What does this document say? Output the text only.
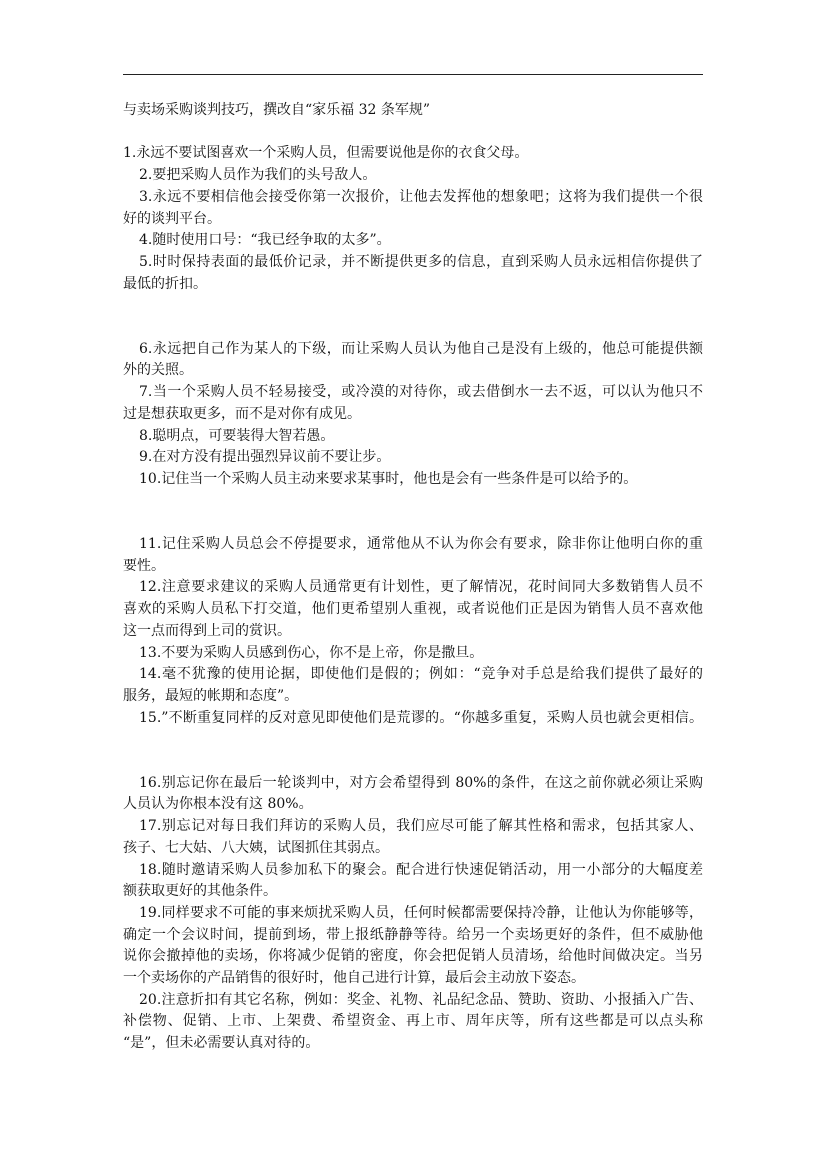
与卖场采购谈判技巧，撰改自“家乐福 32 条军规”

1.永远不要试图喜欢一个采购人员，但需要说他是你的衣食父母。

2.要把采购人员作为我们的头号敌人。

3.永远不要相信他会接受你第一次报价，让他去发挥他的想象吧；这将为我们提供一个很

好的谈判平台。

4.随时使用口号：“我已经争取的太多”。

5.时时保持表面的最低价记录，并不断提供更多的信息，直到采购人员永远相信你提供了

最低的折扣。

6.永远把自己作为某人的下级，而让采购人员认为他自己是没有上级的，他总可能提供额

外的关照。

7.当一个采购人员不轻易接受，或冷漠的对待你，或去借倒水一去不返，可以认为他只不

过是想获取更多，而不是对你有成见。

8.聪明点，可要装得大智若愚。

9.在对方没有提出强烈异议前不要让步。

10.记住当一个采购人员主动来要求某事时，他也是会有一些条件是可以给予的。

11.记住采购人员总会不停提要求，通常他从不认为你会有要求，除非你让他明白你的重

要性。

12.注意要求建议的采购人员通常更有计划性，更了解情况，花时间同大多数销售人员不

喜欢的采购人员私下打交道，他们更希望别人重视，或者说他们正是因为销售人员不喜欢他

这一点而得到上司的赏识。

13.不要为采购人员感到伤心，你不是上帝，你是撒旦。

14.毫不犹豫的使用论据，即使他们是假的；例如：“竞争对手总是给我们提供了最好的

服务，最短的帐期和态度”。

15.”不断重复同样的反对意见即使他们是荒谬的。“你越多重复，采购人员也就会更相信。

16.别忘记你在最后一轮谈判中，对方会希望得到 80%的条件，在这之前你就必须让采购

人员认为你根本没有这 80%。

17.别忘记对每日我们拜访的采购人员，我们应尽可能了解其性格和需求，包括其家人、

孩子、七大姑、八大姨，试图抓住其弱点。

18.随时邀请采购人员参加私下的聚会。配合进行快速促销活动，用一小部分的大幅度差

额获取更好的其他条件。

19.同样要求不可能的事来烦扰采购人员，任何时候都需要保持冷静，让他认为你能够等，

确定一个会议时间，提前到场，带上报纸静静等待。给另一个卖场更好的条件，但不威胁他

说你会撤掉他的卖场，你将减少促销的密度，你会把促销人员清场，给他时间做决定。当另

一个卖场你的产品销售的很好时，他自己进行计算，最后会主动放下姿态。

20.注意折扣有其它名称，例如：奖金、礼物、礼品纪念品、赞助、资助、小报插入广告、

补偿物、促销、上市、上架费、希望资金、再上市、周年庆等，所有这些都是可以点头称

“是”，但未必需要认真对待的。
